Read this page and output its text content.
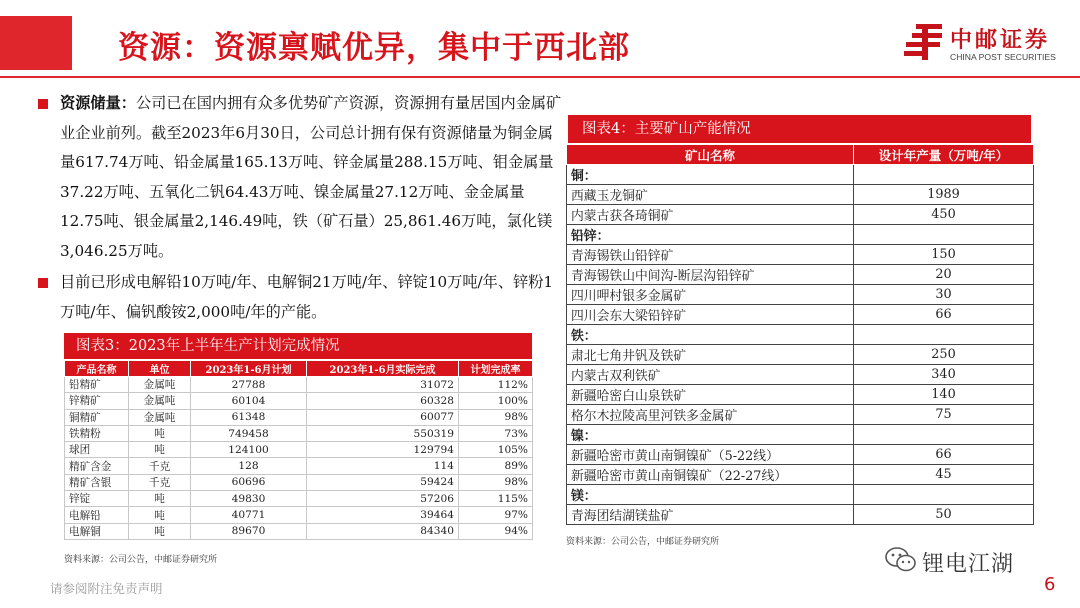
资源：资源禀赋优异，集中于西北部	中邮证券
CHINA POST SECURITIES
资源储量：公司已在国内拥有众多优势矿产资源，资源拥有量居国内金属矿业企业前列。截至2023年6月30日，公司总计拥有保有资源储量为铜金属量617.74万吨、铅金属量165.13万吨、锌金属量288.15万吨、钼金属量37.22万吨、五氧化二钒64.43万吨、镍金属量27.12万吨、金金属量12.75吨、银金属量2,146.49吨，铁（矿石量）25,861.46万吨，氯化镁3,046.25万吨。
目前已形成电解铅10万吨/年、电解铜21万吨/年、锌锭10万吨/年、锌粉1万吨/年、偏钒酸铵2,000吨/年的产能。
图表3：2023年上半年生产计划完成情况
产品名称	单位	2023年1-6月计划	2023年1-6月实际完成	计划完成率
铅精矿	金属吨	27788	31072	112%
锌精矿	金属吨	60104	60328	100%
铜精矿	金属吨	61348	60077	98%
铁精粉	吨	749458	550319	73%
球团	吨	124100	129794	105%
精矿含金	千克	128	114	89%
精矿含银	千克	60696	59424	98%
锌锭	吨	49830	57206	115%
电解铅	吨	40771	39464	97%
电解铜	吨	89670	84340	94%
资料来源：公司公告，中邮证券研究所
图表4：主要矿山产能情况
矿山名称	设计年产量（万吨/年）
铜：	
西藏玉龙铜矿	1989
内蒙古获各琦铜矿	450
铅锌：	
青海锡铁山铅锌矿	150
青海锡铁山中间沟-断层沟铅锌矿	20
四川呷村银多金属矿	30
四川会东大梁铅锌矿	66
铁：	
肃北七角井钒及铁矿	250
内蒙古双利铁矿	340
新疆哈密白山泉铁矿	140
格尔木拉陵高里河铁多金属矿	75
镍：	
新疆哈密市黄山南铜镍矿（5-22线）	66
新疆哈密市黄山南铜镍矿（22-27线）	45
镁：	
青海团结湖镁盐矿	50
资料来源：公司公告，中邮证券研究所
请参阅附注免责声明
锂电江湖
6
